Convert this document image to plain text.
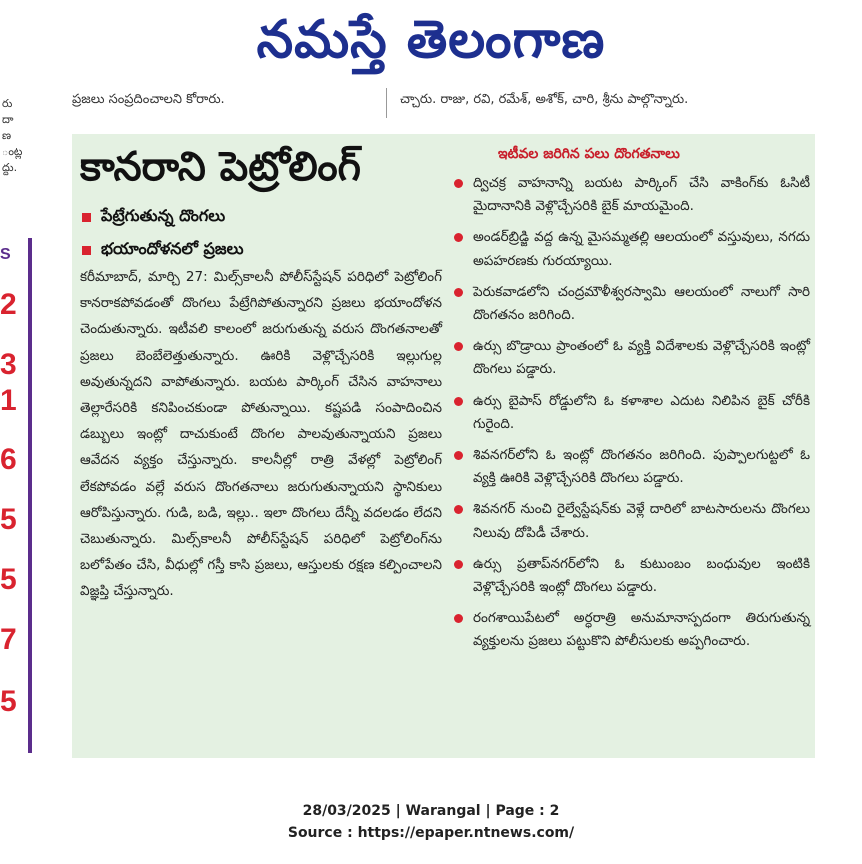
నమస్తే తెలంగాణ
ప్రజలు సంప్రదించాలని కోరారు.	చ్చారు. రాజు, రవి, రమేశ్, అశోక్, చారి, శ్రీను పాల్గొన్నారు.
రు
దా
ణ
ంట్ల
ద్దు.
S
2
3
1
6
5
5
7
5
కానరాని పెట్రోలింగ్
పేట్రేగుతున్న దొంగలు
భయాందోళనలో ప్రజలు
కరీమాబాద్, మార్చి 27: మిల్స్‌కాలనీ పోలీస్‌స్టేషన్ పరిధిలో పెట్రోలింగ్ కానరాకపోవడంతో దొంగలు పేట్రేగిపోతున్నారని ప్రజలు భయాందోళన చెందుతున్నారు. ఇటీవలి కాలంలో జరుగుతున్న వరుస దొంగతనాలతో ప్రజలు బెంబేలెత్తుతున్నారు. ఊరికి వెళ్లొచ్చేసరికి ఇల్లుగుల్ల అవుతున్నదని వాపోతున్నారు. బయట పార్కింగ్ చేసిన వాహనాలు తెల్లారేసరికి కనిపించకుండా పోతున్నాయి. కష్టపడి సంపాదించిన డబ్బులు ఇంట్లో దాచుకుంటే దొంగల పాలవుతున్నాయని ప్రజలు ఆవేదన వ్యక్తం చేస్తున్నారు. కాలనీల్లో రాత్రి వేళల్లో పెట్రోలింగ్ లేకపోవడం వల్లే వరుస దొంగతనాలు జరుగుతున్నాయని స్థానికులు ఆరోపిస్తున్నారు. గుడి, బడి, ఇల్లు.. ఇలా దొంగలు దేన్నీ వదలడం లేదని చెబుతున్నారు. మిల్స్‌కాలనీ పోలీస్‌స్టేషన్ పరిధిలో పెట్రోలింగ్‌ను బలోపేతం చేసి, వీధుల్లో గస్తీ కాసి ప్రజలు, ఆస్తులకు రక్షణ కల్పించాలని విజ్ఞప్తి చేస్తున్నారు.
ఇటీవల జరిగిన పలు దొంగతనాలు
ద్విచక్ర వాహనాన్ని బయట పార్కింగ్ చేసి వాకింగ్‌కు ఓసిటీ మైదానానికి వెళ్లొచ్చేసరికి బైక్ మాయమైంది.
అండర్‌బ్రిడ్జి వద్ద ఉన్న మైసమ్మతల్లి ఆలయంలో వస్తువులు, నగదు అపహరణకు గురయ్యాయి.
పెరుకవాడలోని చంద్రమౌళీశ్వరస్వామి ఆలయంలో నాలుగో సారి దొంగతనం జరిగింది.
ఉర్సు బొడ్రాయి ప్రాంతంలో ఓ వ్యక్తి విదేశాలకు వెళ్లొచ్చేసరికి ఇంట్లో దొంగలు పడ్డారు.
ఉర్సు బైపాస్ రోడ్డులోని ఓ కళాశాల ఎదుట నిలిపిన బైక్ చోరీకి గురైంది.
శివనగర్‌లోని ఓ ఇంట్లో దొంగతనం జరిగింది. పుప్పాలగుట్టలో ఓ వ్యక్తి ఊరికి వెళ్లొచ్చేసరికి దొంగలు పడ్డారు.
శివనగర్ నుంచి రైల్వేస్టేషన్‌కు వెళ్లే దారిలో బాటసారులను దొంగలు నిలువు దోపిడీ చేశారు.
ఉర్సు ప్రతాప్‌నగర్‌లోని ఓ కుటుంబం బంధువుల ఇంటికి వెళ్లొచ్చేసరికి ఇంట్లో దొంగలు పడ్డారు.
రంగశాయిపేటలో అర్ధరాత్రి అనుమానాస్పదంగా తిరుగుతున్న వ్యక్తులను ప్రజలు పట్టుకొని పోలీసులకు అప్పగించారు.
28/03/2025 | Warangal | Page : 2
Source : https://epaper.ntnews.com/
